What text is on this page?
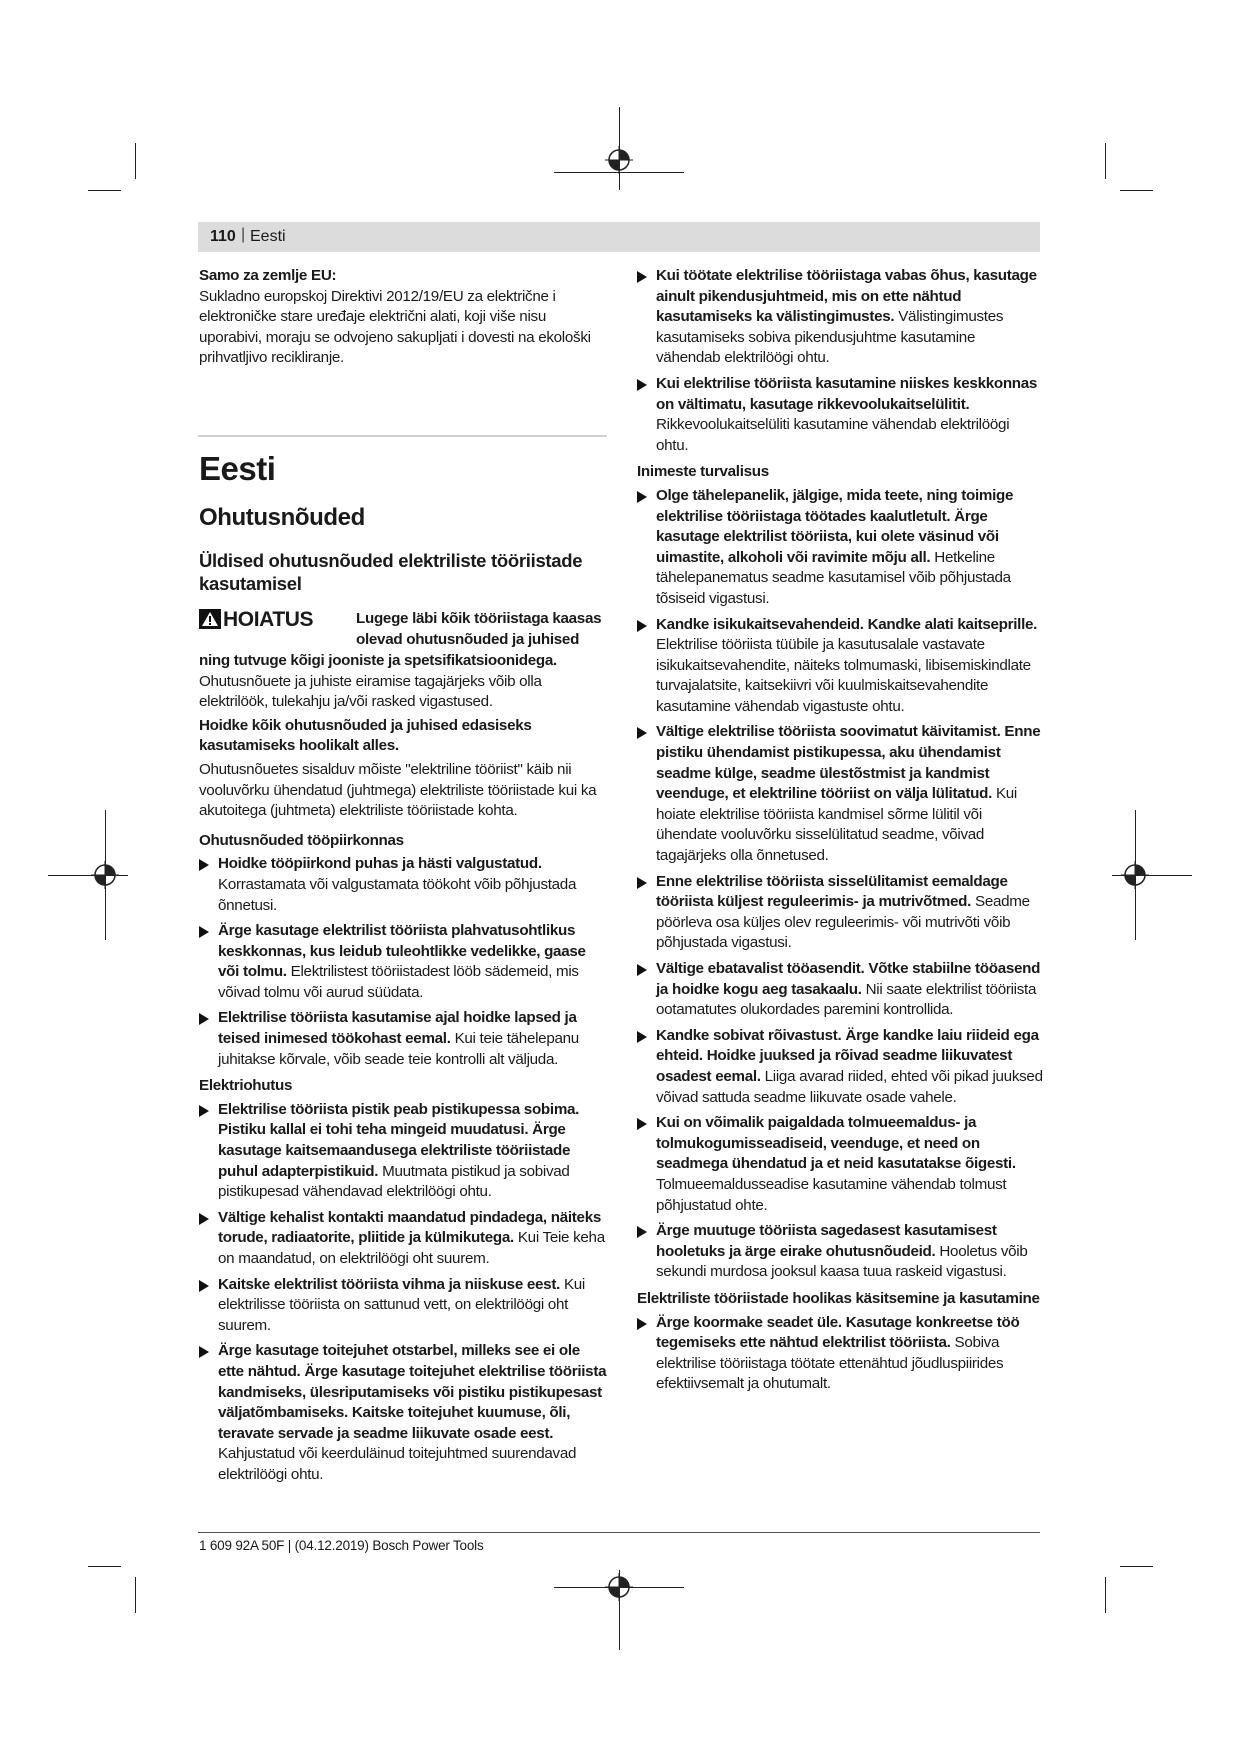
110 | Eesti

Samo za zemlje EU:

Sukladno europskoj Direktivi 2012/19/EU za električne i elektroničke stare uređaje električni alati, koji više nisu uporabivi, moraju se odvojeno sakupljati i dovesti na ekološki prihvatljivo recikliranje.

Eesti
Ohutusnõuded
Üldised ohutusnõuded elektriliste tööriistade kasutamisel
HOIATUS	Lugege läbi kõik tööriistaga kaasas olevad ohutusnõuded ja juhised

ning tutvuge kõigi jooniste ja spetsifikatsioonidega.

Ohutusnõuete ja juhiste eiramise tagajärjeks võib olla elektrilöök, tulekahju ja/või rasked vigastused.

Hoidke kõik ohutusnõuded ja juhised edasiseks kasutamiseks hoolikalt alles.

Ohutusnõuetes sisalduv mõiste "elektriline tööriist" käib nii vooluvõrku ühendatud (juhtmega) elektriliste tööriistade kui ka akutoitega (juhtmeta) elektriliste tööriistade kohta.

Ohutusnõuded tööpiirkonnas

Hoidke tööpiirkond puhas ja hästi valgustatud. Korrastamata või valgustamata töökoht võib põhjustada õnnetusi.
Ärge kasutage elektrilist tööriista plahvatusohtlikus keskkonnas, kus leidub tuleohtlikke vedelikke, gaase või tolmu. Elektrilistest tööriistadest lööb sädemeid, mis võivad tolmu või aurud süüdata.
Elektrilise tööriista kasutamise ajal hoidke lapsed ja teised inimesed töökohast eemal. Kui teie tähelepanu juhitakse kõrvale, võib seade teie kontrolli alt väljuda.

Elektriohutus

Elektrilise tööriista pistik peab pistikupessa sobima. Pistiku kallal ei tohi teha mingeid muudatusi. Ärge kasutage kaitsemaandusega elektriliste tööriistade puhul adapterpistikuid. Muutmata pistikud ja sobivad pistikupesad vähendavad elektrilöögi ohtu.
Vältige kehalist kontakti maandatud pindadega, näiteks torude, radiaatorite, pliitide ja külmikutega. Kui Teie keha on maandatud, on elektrilöögi oht suurem.
Kaitske elektrilist tööriista vihma ja niiskuse eest. Kui elektrilisse tööriista on sattunud vett, on elektrilöögi oht suurem.
Ärge kasutage toitejuhet otstarbel, milleks see ei ole ette nähtud. Ärge kasutage toitejuhet elektrilise tööriista kandmiseks, ülesriputamiseks või pistiku pistikupesast väljatõmbamiseks. Kaitske toitejuhet kuumuse, õli, teravate servade ja seadme liikuvate osade eest. Kahjustatud või keerduläinud toitejuhtmed suurendavad elektrilöögi ohtu.
Kui töötate elektrilise tööriistaga vabas õhus, kasutage ainult pikendusjuhtmeid, mis on ette nähtud kasutamiseks ka välistingimustes. Välistingimustes kasutamiseks sobiva pikendusjuhtme kasutamine vähendab elektrilöögi ohtu.
Kui elektrilise tööriista kasutamine niiskes keskkonnas on vältimatu, kasutage rikkevoolukaitselülitit. Rikkevoolukaitselüliti kasutamine vähendab elektrilöögi ohtu.

Inimeste turvalisus

Olge tähelepanelik, jälgige, mida teete, ning toimige elektrilise tööriistaga töötades kaalutletult. Ärge kasutage elektrilist tööriista, kui olete väsinud või uimastite, alkoholi või ravimite mõju all. Hetkeline tähelepanematus seadme kasutamisel võib põhjustada tõsiseid vigastusi.
Kandke isikukaitsevahendeid. Kandke alati kaitseprille. Elektrilise tööriista tüübile ja kasutusalale vastavate isikukaitsevahendite, näiteks tolmumaski, libisemiskindlate turvajalatsite, kaitsekiivri või kuulmiskaitsevahendite kasutamine vähendab vigastuste ohtu.
Vältige elektrilise tööriista soovimatut käivitamist. Enne pistiku ühendamist pistikupessa, aku ühendamist seadme külge, seadme ülestõstmist ja kandmist veenduge, et elektriline tööriist on välja lülitatud. Kui hoiate elektrilise tööriista kandmisel sõrme lülitil või ühendate vooluvõrku sisselülitatud seadme, võivad tagajärjeks olla õnnetused.
Enne elektrilise tööriista sisselülitamist eemaldage tööriista küljest reguleerimis- ja mutrivõtmed. Seadme pöörleva osa küljes olev reguleerimis- või mutrivõti võib põhjustada vigastusi.
Vältige ebatavalist tööasendit. Võtke stabiilne tööasend ja hoidke kogu aeg tasakaalu. Nii saate elektrilist tööriista ootamatutes olukordades paremini kontrollida.
Kandke sobivat rõivastust. Ärge kandke laiu riideid ega ehteid. Hoidke juuksed ja rõivad seadme liikuvatest osadest eemal. Liiga avarad riided, ehted või pikad juuksed võivad sattuda seadme liikuvate osade vahele.
Kui on võimalik paigaldada tolmueemaldus- ja tolmukogumisseadiseid, veenduge, et need on seadmega ühendatud ja et neid kasutatakse õigesti. Tolmueemaldusseadise kasutamine vähendab tolmust põhjustatud ohte.
Ärge muutuge tööriista sagedasest kasutamisest hooletuks ja ärge eirake ohutusnõudeid. Hooletus võib sekundi murdosa jooksul kaasa tuua raskeid vigastusi.

Elektriliste tööriistade hoolikas käsitsemine ja kasutamine

Ärge koormake seadet üle. Kasutage konkreetse töö tegemiseks ette nähtud elektrilist tööriista. Sobiva elektrilise tööriistaga töötate ettenähtud jõudluspiirides efektiivsemalt ja ohutumalt.
1 609 92A 50F | (04.12.2019) Bosch Power Tools
